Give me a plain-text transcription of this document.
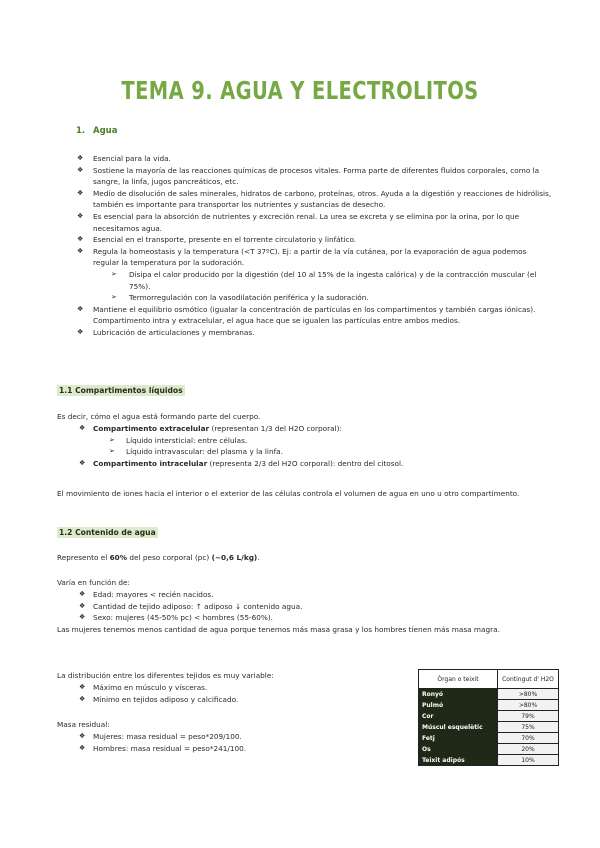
TEMA 9. AGUA Y ELECTROLITOS
1. Agua
❖ Esencial para la vida.
❖ Sostiene la mayoría de las reacciones químicas de procesos vitales. Forma parte de diferentes fluidos corporales, como la sangre, la linfa, jugos pancreáticos, etc.
❖ Medio de disolución de sales minerales, hidratos de carbono, proteínas, otros. Ayuda a la digestión y reacciones de hidrólisis, también es importante para transportar los nutrientes y sustancias de desecho.
❖ Es esencial para la absorción de nutrientes y excreción renal. La urea se excreta y se elimina por la orina, por lo que necesitamos agua.
❖ Esencial en el transporte, presente en el torrente circulatorio y linfático.
❖ Regula la homeostasis y la temperatura (<T 37ºC). Ej: a partir de la vía cutánea, por la evaporación de agua podemos regular la temperatura por la sudoración.
➢ Disipa el calor producido por la digestión (del 10 al 15% de la ingesta calórica) y de la contracción muscular (el 75%).
➢ Termorregulación con la vasodilatación periférica y la sudoración.
❖ Mantiene el equilibrio osmótico (igualar la concentración de partículas en los compartimentos y también cargas iónicas). Compartimento intra y extracelular, el agua hace que se igualen las partículas entre ambos medios.
❖ Lubricación de articulaciones y membranas.
1.1 Compartimentos líquidos
Es decir, cómo el agua está formando parte del cuerpo.
❖ Compartimento extracelular (representan 1/3 del H2O corporal):
➢ Líquido intersticial: entre células.
➢ Líquido intravascular: del plasma y la linfa.
❖ Compartimento intracelular (representa 2/3 del H2O corporal): dentro del citosol.
El movimiento de iones hacia el interior o el exterior de las células controla el volumen de agua en uno u otro compartimento.
1.2 Contenido de agua
Represento el 60% del peso corporal (pc) (~0,6 L/kg).
Varía en función de:
❖ Edad: mayores < recién nacidos.
❖ Cantidad de tejido adiposo: ↑ adiposo ↓ contenido agua.
❖ Sexo: mujeres (45-50% pc) < hombres (55-60%).
Las mujeres tenemos menos cantidad de agua porque tenemos más masa grasa y los hombres tienen más masa magra.
La distribución entre los diferentes tejidos es muy variable:
❖ Máximo en músculo y vísceras.
❖ Mínimo en tejidos adiposo y calcificado.
Masa residual:
❖ Mujeres: masa residual = peso*209/100.
❖ Hombres: masa residual = peso*241/100.
Òrgan o teixit	Contingut d' H2O
Ronyó	>80%
Pulmó	>80%
Cor	79%
Múscul esquelètic	75%
Fetj	70%
Os	20%
Teixit adipós	10%
